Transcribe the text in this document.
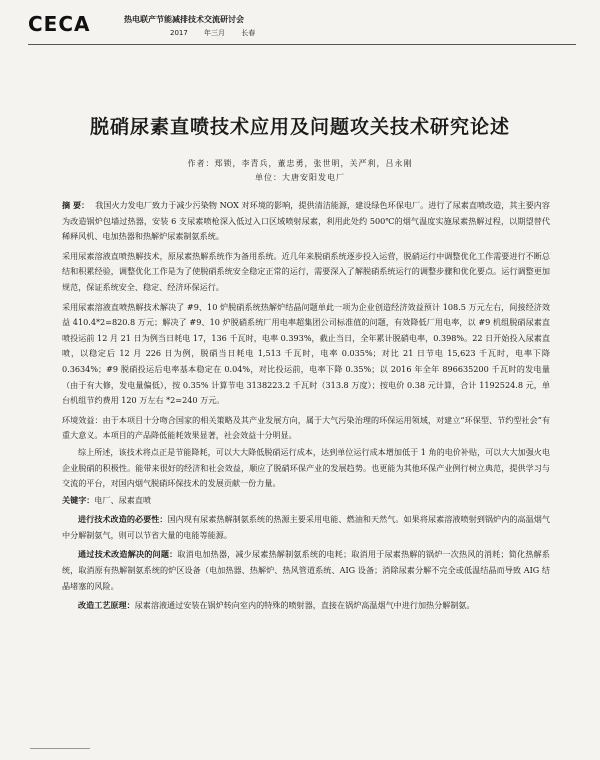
CECA	热电联产节能减排技术交流研讨会
2017 年三月 长春
脱硝尿素直喷技术应用及问题攻关技术研究论述
作者：郑锁，李青兵，董忠勇，张世明，关严利，吕永刚
单位：大唐安阳发电厂

摘 要： 我国火力发电厂致力于减少污染物 NOX 对环境的影响，提供清洁能源，建设绿色环保电厂。进行了尿素直喷改造，其主要内容为改造锅炉包墙过热器，安装 6 支尿素喷枪深入低过入口区域喷射尿素，利用此处约 500℃的烟气温度实施尿素热解过程，以期望替代稀释风机、电加热器和热解炉尿素制氨系统。

采用尿素溶液直喷热解技术，原尿素热解系统作为备用系统。近几年来脱硝系统逐步投入运营，脱硝运行中调整优化工作需要进行不断总结和积累经验，调整优化工作是为了使脱硝系统安全稳定正常的运行，需要深入了解脱硝系统运行的调整步骤和优化要点。运行调整更加规范，保证系统安全、稳定、经济环保运行。

采用尿素溶液直喷热解技术解决了 #9、10 炉脱硝系统热解炉结晶问题单此一项为企业创造经济效益预计 108.5 万元左右，间接经济效益 410.4*2=820.8 万元；解决了 #9、10 炉脱硝系统厂用电率超集团公司标准值的问题，有效降低厂用电率，以 #9 机组脱硝尿素直喷投运前 12 月 21 日为例当日耗电 17，136 千瓦时，电率 0.393%，截止当日，全年累计脱硝电率，0.398%。22 日开始投入尿素直喷，以稳定后 12 月 226 日为例，脱硝当日耗电 1,513 千瓦时，电率 0.035%；对比 21 日节电 15,623 千瓦时，电率下降 0.3634%；#9 脱硝投运后电率基本稳定在 0.04%，对比投运前，电率下降 0.35%；以 2016 年全年 896635200 千瓦时的发电量（由于有大修，发电量偏低），按 0.35% 计算节电 3138223.2 千瓦时（313.8 万度）；按电价 0.38 元计算，合计 1192524.8 元，单台机组节约费用 120 万左右 *2=240 万元。

环境效益：由于本项目十分吻合国家的相关策略及其产业发展方向，属于大气污染治理的环保运用领域，对建立“环保型、节约型社会”有重大意义。本项目的产品降低能耗效果显著，社会效益十分明显。

综上所述，该技术将点正是节能降耗，可以大大降低脱硝运行成本，达到单位运行成本增加低于 1 角的电价补贴，可以大大加强火电企业脱硝的积极性。能带来很好的经济和社会效益，顺应了脱硝环保产业的发展趋势。也更能为其他环保产业例行树立典范，提供学习与交流的平台，对国内烟气脱硝环保技术的发展贡献一份力量。

关键字：电厂、尿素直喷

进行技术改造的必要性：国内现有尿素热解制氨系统的热源主要采用电能、燃油和天然气。如果将尿素溶液喷射到锅炉内的高温烟气中分解制氨气，则可以节省大量的电能等能源。

通过技术改造解决的问题：取消电加热器，减少尿素热解制氨系统的电耗；取消用于尿素热解的锅炉一次热风的消耗；简化热解系统，取消原有热解制氨系统的炉区设备（电加热器、热解炉、热风管道系统、AIG 设备；消除尿素分解不完全或低温结晶而导致 AIG 结晶堵塞的风险。

改造工艺原理：尿素溶液通过安装在锅炉转向室内的特殊的喷射器，直接在锅炉高温烟气中进行加热分解制氨。
